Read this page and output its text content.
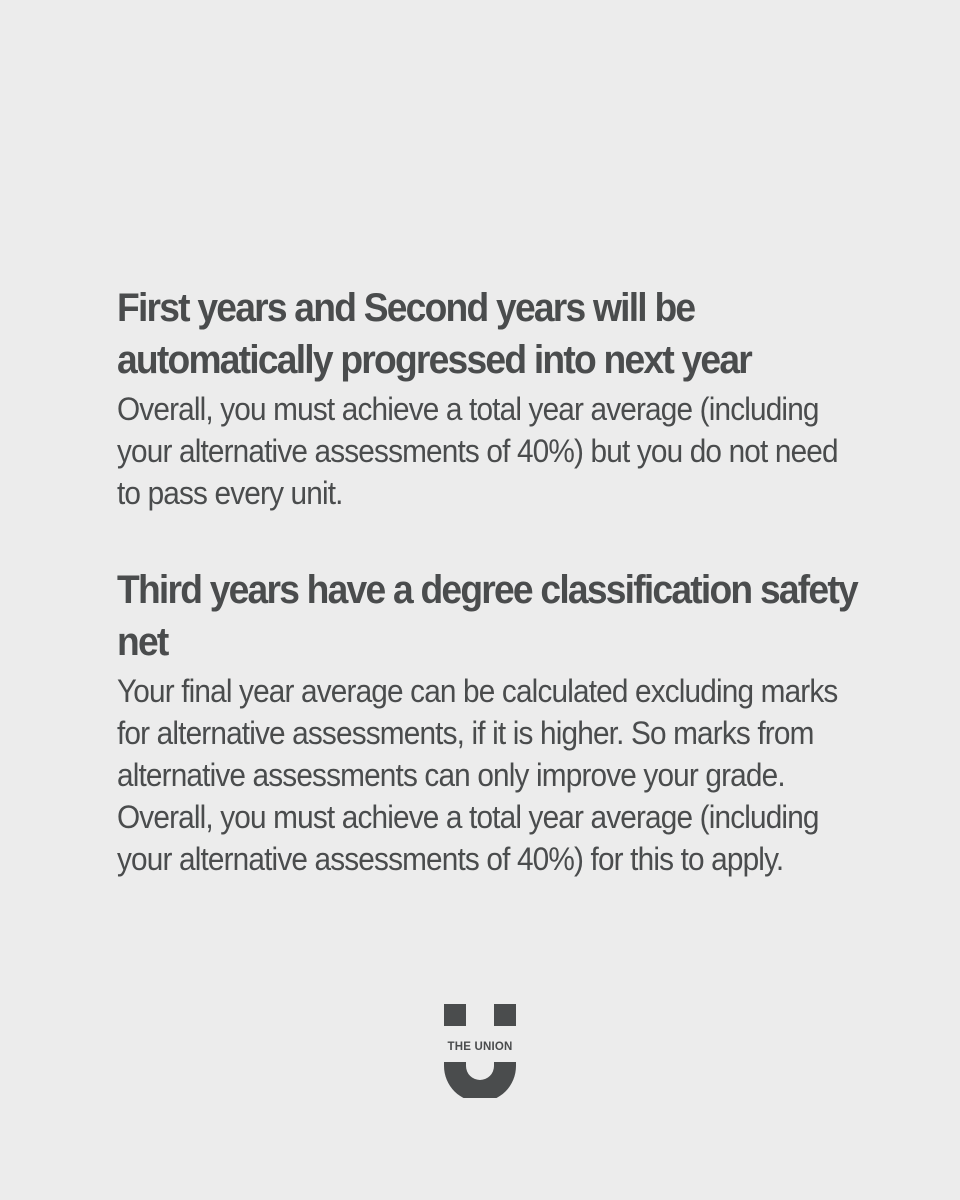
First years and Second years will be automatically progressed into next year

Overall, you must achieve a total year average (including your alternative assessments of 40%) but you do not need to pass every unit.

Third years have a degree classification safety net

Your final year average can be calculated excluding marks for alternative assessments, if it is higher. So marks from alternative assessments can only improve your grade. Overall, you must achieve a total year average (including your alternative assessments of 40%) for this to apply.

THE UNION
